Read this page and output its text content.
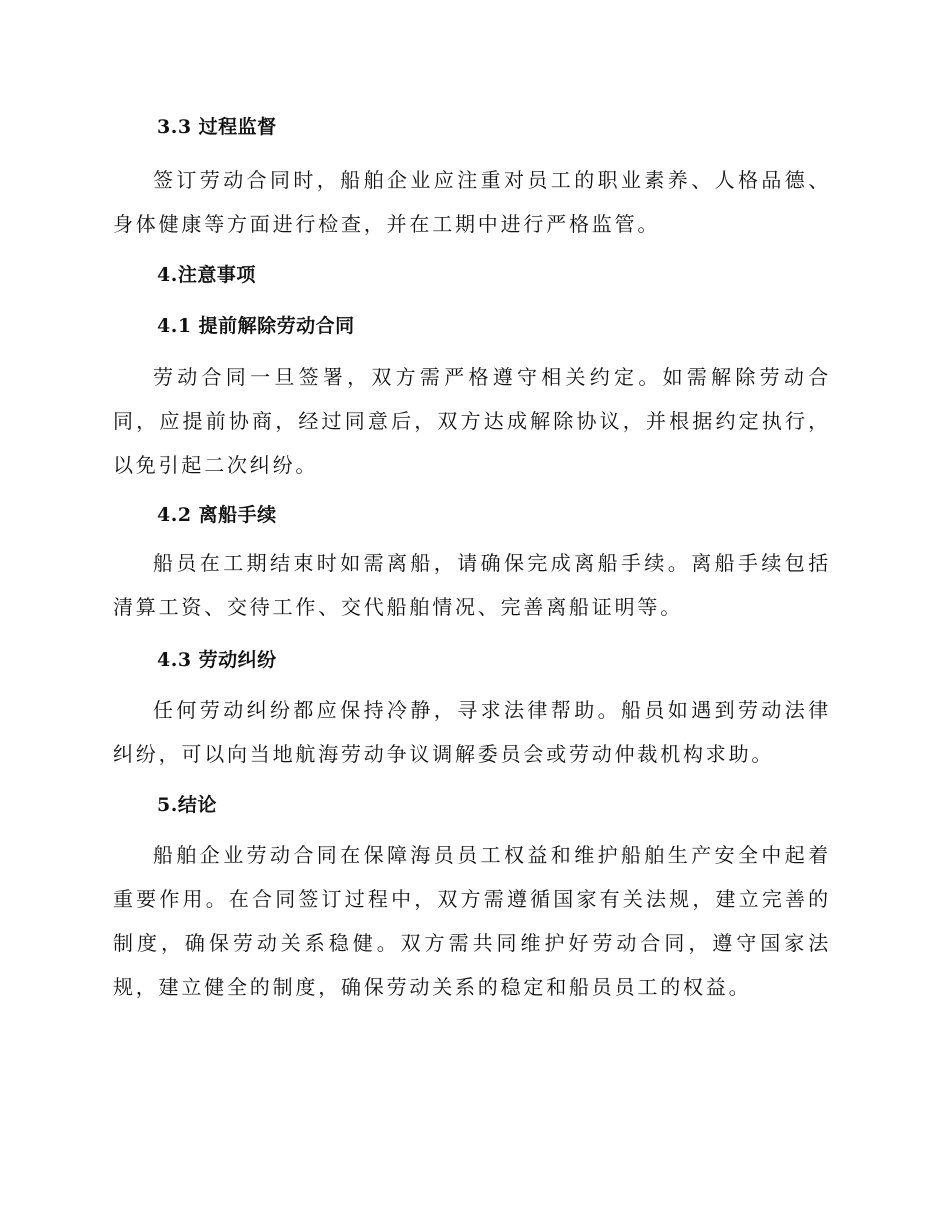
3.3 过程监督

签订劳动合同时，船舶企业应注重对员工的职业素养、人格品德、身体健康等方面进行检查，并在工期中进行严格监管。

4.注意事项
4.1 提前解除劳动合同

劳动合同一旦签署，双方需严格遵守相关约定。如需解除劳动合同，应提前协商，经过同意后，双方达成解除协议，并根据约定执行，以免引起二次纠纷。

4.2 离船手续

船员在工期结束时如需离船，请确保完成离船手续。离船手续包括清算工资、交待工作、交代船舶情况、完善离船证明等。

4.3 劳动纠纷

任何劳动纠纷都应保持冷静，寻求法律帮助。船员如遇到劳动法律纠纷，可以向当地航海劳动争议调解委员会或劳动仲裁机构求助。

5.结论

船舶企业劳动合同在保障海员员工权益和维护船舶生产安全中起着重要作用。在合同签订过程中，双方需遵循国家有关法规，建立完善的制度，确保劳动关系稳健。双方需共同维护好劳动合同，遵守国家法规，建立健全的制度，确保劳动关系的稳定和船员员工的权益。
